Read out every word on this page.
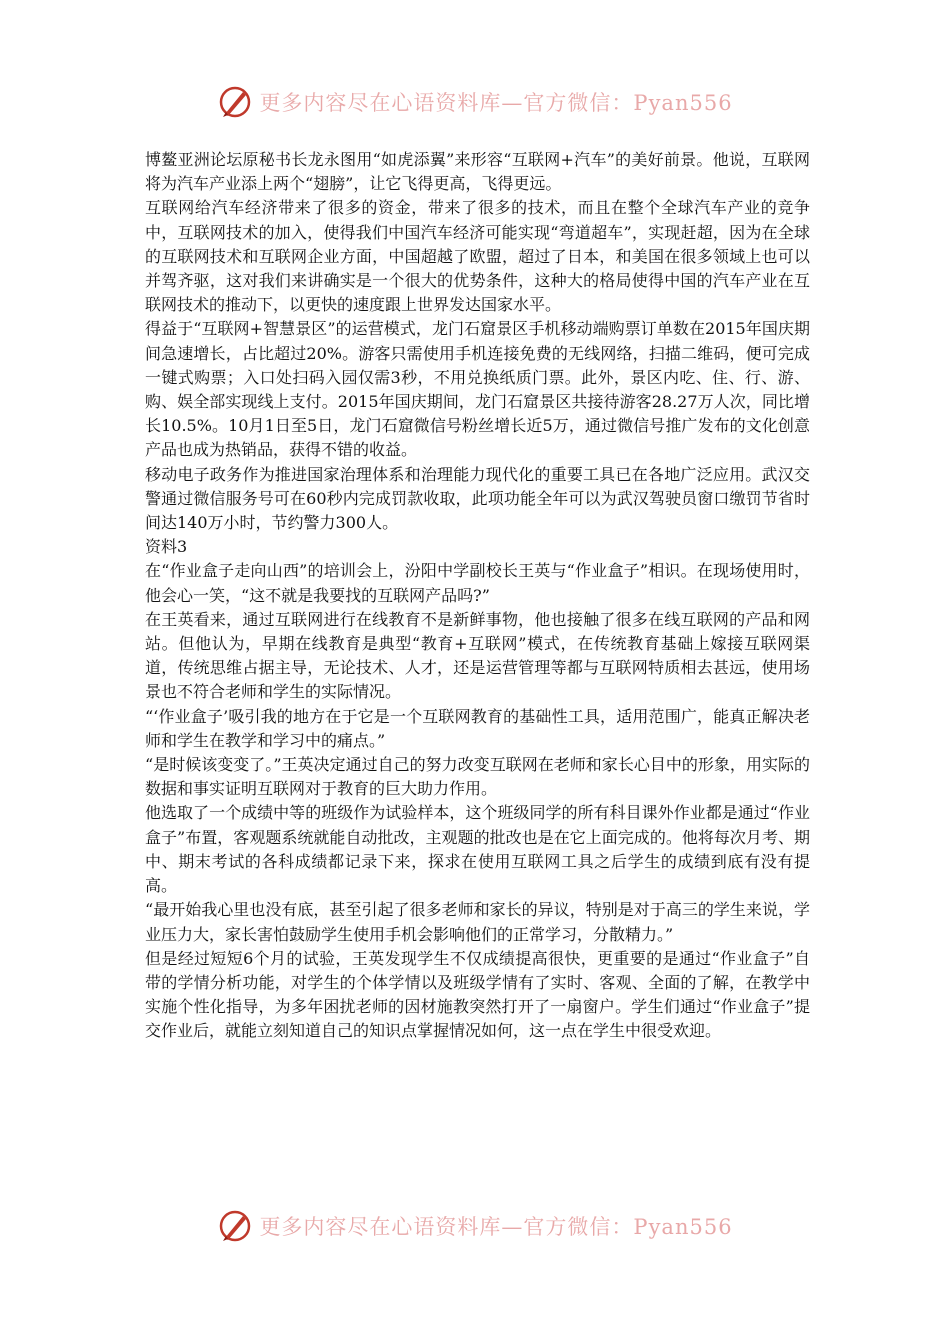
更多内容尽在心语资料库—官方微信：Pyan556

博鳌亚洲论坛原秘书长龙永图用“如虎添翼”来形容“互联网+汽车”的美好前景。他说，互联网将为汽车产业添上两个“翅膀”，让它飞得更高，飞得更远。

互联网给汽车经济带来了很多的资金，带来了很多的技术，而且在整个全球汽车产业的竞争中，互联网技术的加入，使得我们中国汽车经济可能实现“弯道超车”，实现赶超，因为在全球的互联网技术和互联网企业方面，中国超越了欧盟，超过了日本，和美国在很多领域上也可以并驾齐驱，这对我们来讲确实是一个很大的优势条件，这种大的格局使得中国的汽车产业在互联网技术的推动下，以更快的速度跟上世界发达国家水平。

得益于“互联网+智慧景区”的运营模式，龙门石窟景区手机移动端购票订单数在2015年国庆期间急速增长，占比超过20%。游客只需使用手机连接免费的无线网络，扫描二维码，便可完成一键式购票；入口处扫码入园仅需3秒，不用兑换纸质门票。此外，景区内吃、住、行、游、购、娱全部实现线上支付。2015年国庆期间，龙门石窟景区共接待游客28.27万人次，同比增长10.5%。10月1日至5日，龙门石窟微信号粉丝增长近5万，通过微信号推广发布的文化创意产品也成为热销品，获得不错的收益。

移动电子政务作为推进国家治理体系和治理能力现代化的重要工具已在各地广泛应用。武汉交警通过微信服务号可在60秒内完成罚款收取，此项功能全年可以为武汉驾驶员窗口缴罚节省时间达140万小时，节约警力300人。

资料3

在“作业盒子走向山西”的培训会上，汾阳中学副校长王英与“作业盒子”相识。在现场使用时，他会心一笑，“这不就是我要找的互联网产品吗?”

在王英看来，通过互联网进行在线教育不是新鲜事物，他也接触了很多在线互联网的产品和网站。但他认为，早期在线教育是典型“教育+互联网”模式，在传统教育基础上嫁接互联网渠道，传统思维占据主导，无论技术、人才，还是运营管理等都与互联网特质相去甚远，使用场景也不符合老师和学生的实际情况。

“‘作业盒子’吸引我的地方在于它是一个互联网教育的基础性工具，适用范围广，能真正解决老师和学生在教学和学习中的痛点。”

“是时候该变变了。”王英决定通过自己的努力改变互联网在老师和家长心目中的形象，用实际的数据和事实证明互联网对于教育的巨大助力作用。

他选取了一个成绩中等的班级作为试验样本，这个班级同学的所有科目课外作业都是通过“作业盒子”布置，客观题系统就能自动批改，主观题的批改也是在它上面完成的。他将每次月考、期中、期末考试的各科成绩都记录下来，探求在使用互联网工具之后学生的成绩到底有没有提高。

“最开始我心里也没有底，甚至引起了很多老师和家长的异议，特别是对于高三的学生来说，学业压力大，家长害怕鼓励学生使用手机会影响他们的正常学习，分散精力。”

但是经过短短6个月的试验，王英发现学生不仅成绩提高很快，更重要的是通过“作业盒子”自带的学情分析功能，对学生的个体学情以及班级学情有了实时、客观、全面的了解，在教学中实施个性化指导，为多年困扰老师的因材施教突然打开了一扇窗户。学生们通过“作业盒子”提交作业后，就能立刻知道自己的知识点掌握情况如何，这一点在学生中很受欢迎。

更多内容尽在心语资料库—官方微信：Pyan556
